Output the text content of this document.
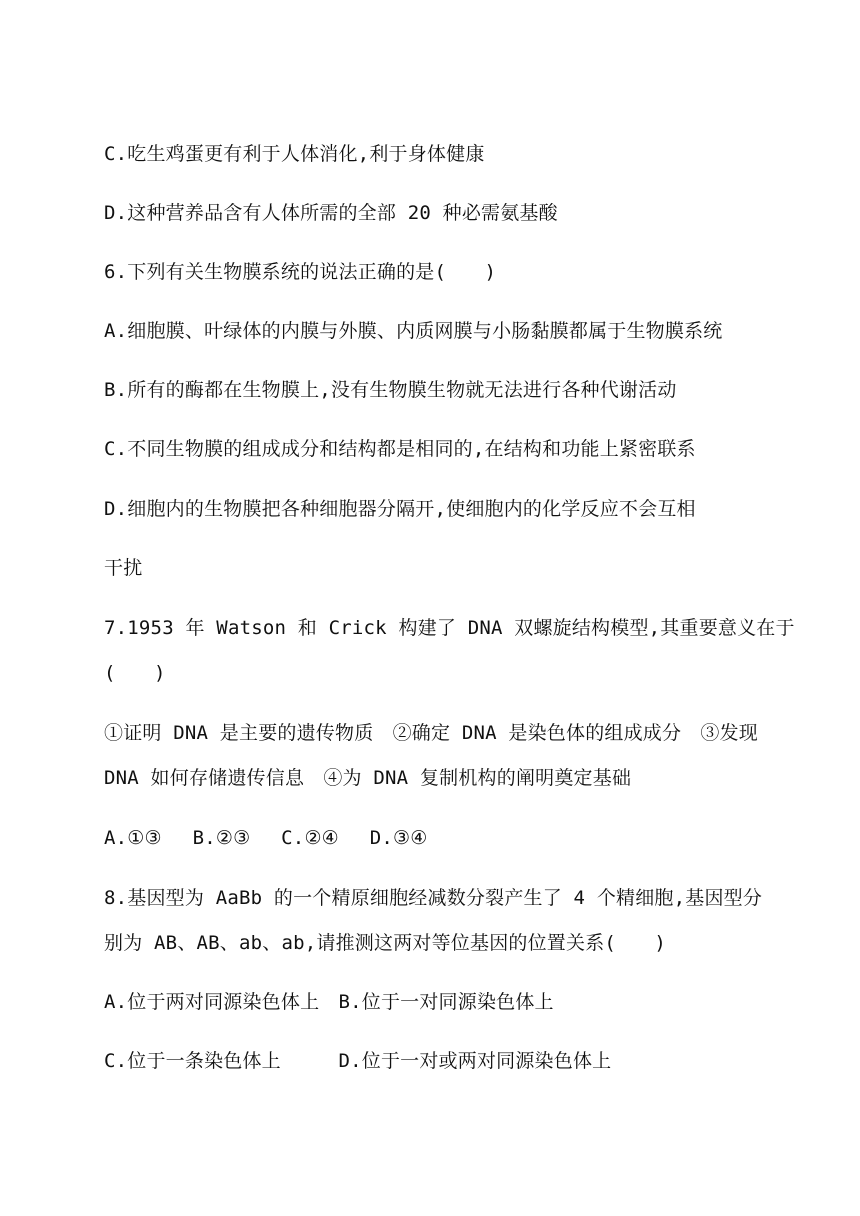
C.吃生鸡蛋更有利于人体消化,利于身体健康
D.这种营养品含有人体所需的全部 20 种必需氨基酸
6.下列有关生物膜系统的说法正确的是(　　)
A.细胞膜、叶绿体的内膜与外膜、内质网膜与小肠黏膜都属于生物膜系统
B.所有的酶都在生物膜上,没有生物膜生物就无法进行各种代谢活动
C.不同生物膜的组成成分和结构都是相同的,在结构和功能上紧密联系
D.细胞内的生物膜把各种细胞器分隔开,使细胞内的化学反应不会互相
干扰
7.1953 年 Watson 和 Crick 构建了 DNA 双螺旋结构模型,其重要意义在于
(　　)
①证明 DNA 是主要的遗传物质　②确定 DNA 是染色体的组成成分　③发现
DNA 如何存储遗传信息　④为 DNA 复制机构的阐明奠定基础
A.①③　 B.②③　 C.②④　 D.③④
8.基因型为 AaBb 的一个精原细胞经减数分裂产生了 4 个精细胞,基因型分
别为 AB、AB、ab、ab,请推测这两对等位基因的位置关系(　　)
A.位于两对同源染色体上　B.位于一对同源染色体上
C.位于一条染色体上　　　D.位于一对或两对同源染色体上
